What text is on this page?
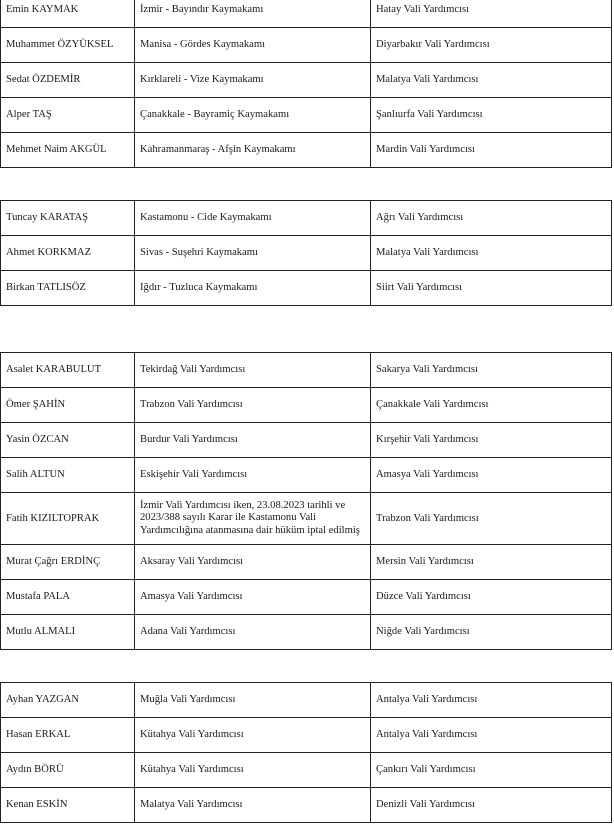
Emin KAYMAK	İzmir - Bayındır Kaymakamı	Hatay Vali Yardımcısı
Muhammet ÖZYÜKSEL	Manisa - Gördes Kaymakamı	Diyarbakır Vali Yardımcısı
Sedat ÖZDEMİR	Kırklareli - Vize Kaymakamı	Malatya Vali Yardımcısı
Alper TAŞ	Çanakkale - Bayramiç Kaymakamı	Şanlıurfa Vali Yardımcısı
Mehmet Naim AKGÜL	Kahramanmaraş - Afşin Kaymakamı	Mardin Vali Yardımcısı
Tuncay KARATAŞ	Kastamonu - Cide Kaymakamı	Ağrı Vali Yardımcısı
Ahmet KORKMAZ	Sivas - Suşehri Kaymakamı	Malatya Vali Yardımcısı
Birkan TATLISÖZ	Iğdır - Tuzluca Kaymakamı	Siirt Vali Yardımcısı
Asalet KARABULUT	Tekirdağ Vali Yardımcısı	Sakarya Vali Yardımcısı
Ömer ŞAHİN	Trabzon Vali Yardımcısı	Çanakkale Vali Yardımcısı
Yasin ÖZCAN	Burdur Vali Yardımcısı	Kırşehir Vali Yardımcısı
Salih ALTUN	Eskişehir Vali Yardımcısı	Amasya Vali Yardımcısı
Fatih KIZILTOPRAK	İzmir Vali Yardımcısı iken, 23.08.2023 tarihli ve 2023/388 sayılı Karar ile Kastamonu Vali Yardımcılığına atanmasına dair hüküm iptal edilmiş	Trabzon Vali Yardımcısı
Murat Çağrı ERDİNÇ	Aksaray Vali Yardımcısı	Mersin Vali Yardımcısı
Mustafa PALA	Amasya Vali Yardımcısı	Düzce Vali Yardımcısı
Mutlu ALMALI	Adana Vali Yardımcısı	Niğde Vali Yardımcısı
Ayhan YAZGAN	Muğla Vali Yardımcısı	Antalya Vali Yardımcısı
Hasan ERKAL	Kütahya Vali Yardımcısı	Antalya Vali Yardımcısı
Aydın BÖRÜ	Kütahya Vali Yardımcısı	Çankırı Vali Yardımcısı
Kenan ESKİN	Malatya Vali Yardımcısı	Denizli Vali Yardımcısı
